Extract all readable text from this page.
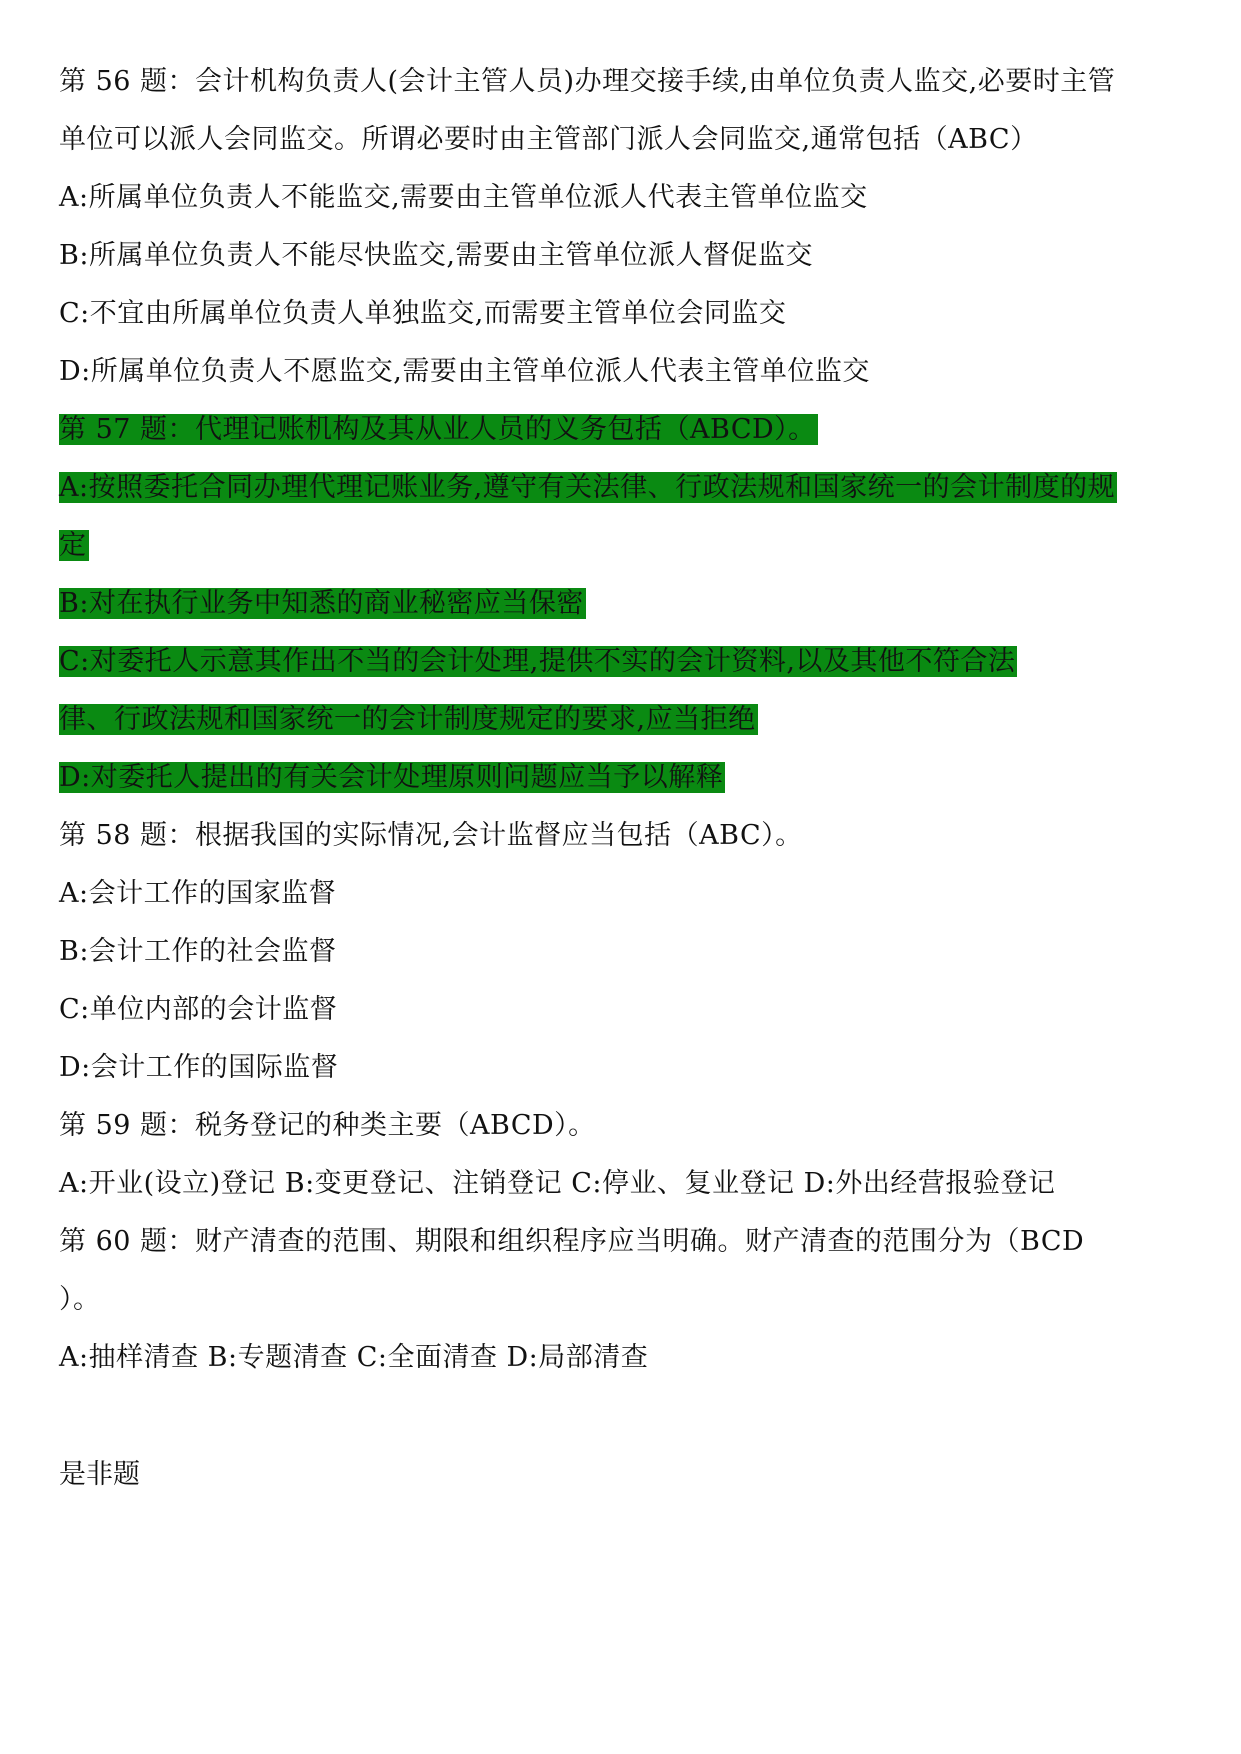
第 56 题：会计机构负责人(会计主管人员)办理交接手续,由单位负责人监交,必要时主管
单位可以派人会同监交。所谓必要时由主管部门派人会同监交,通常包括（ABC）
A:所属单位负责人不能监交,需要由主管单位派人代表主管单位监交
B:所属单位负责人不能尽快监交,需要由主管单位派人督促监交
C:不宜由所属单位负责人单独监交,而需要主管单位会同监交
D:所属单位负责人不愿监交,需要由主管单位派人代表主管单位监交
第 57 题：代理记账机构及其从业人员的义务包括（ABCD）。
A:按照委托合同办理代理记账业务,遵守有关法律、行政法规和国家统一的会计制度的规
定
B:对在执行业务中知悉的商业秘密应当保密
C:对委托人示意其作出不当的会计处理,提供不实的会计资料,以及其他不符合法
律、行政法规和国家统一的会计制度规定的要求,应当拒绝
D:对委托人提出的有关会计处理原则问题应当予以解释
第 58 题：根据我国的实际情况,会计监督应当包括（ABC）。
A:会计工作的国家监督
B:会计工作的社会监督
C:单位内部的会计监督
D:会计工作的国际监督
第 59 题：税务登记的种类主要（ABCD）。
A:开业(设立)登记 B:变更登记、注销登记 C:停业、复业登记 D:外出经营报验登记
第 60 题：财产清查的范围、期限和组织程序应当明确。财产清查的范围分为（BCD
）。
A:抽样清查 B:专题清查 C:全面清查 D:局部清查
是非题
